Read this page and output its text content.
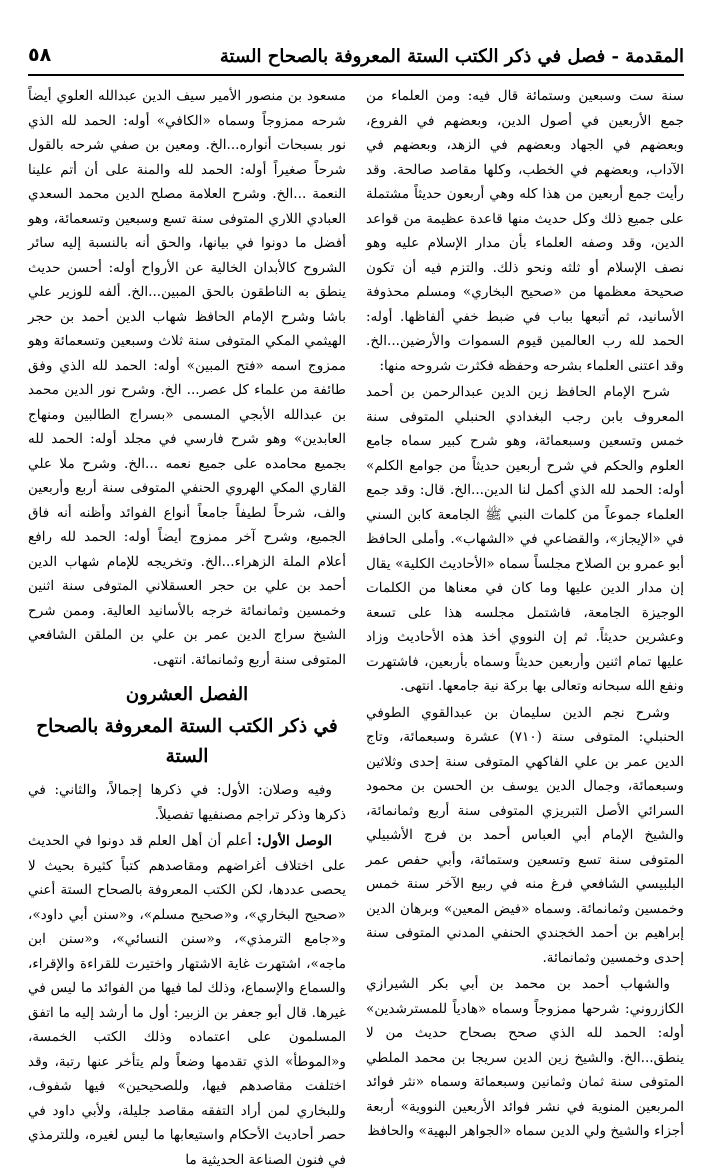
المقدمة - فصل في ذكر الكتب الستة المعروفة بالصحاح الستة
٥٨

سنة ست وسبعين وستمائة قال فيه: ومن العلماء من جمع الأربعين في أصول الدين، وبعضهم في الفروع، وبعضهم في الجهاد وبعضهم في الزهد، وبعضهم في الآداب، وبعضهم في الخطب، وكلها مقاصد صالحة. وقد رأيت جمع أربعين من هذا كله وهي أربعون حديثاً مشتملة على جميع ذلك وكل حديث منها قاعدة عظيمة من قواعد الدين، وقد وصفه العلماء بأن مدار الإسلام عليه وهو نصف الإسلام أو ثلثه ونحو ذلك. والتزم فيه أن تكون صحيحة معظمها من «صحيح البخاري» ومسلم محذوفة الأسانيد، ثم أتبعها بباب في ضبط خفي ألفاظها. أوله: الحمد لله رب العالمين قيوم السموات والأرضين...الخ. وقد اعتنى العلماء بشرحه وحفظه فكثرت شروحه منها:

شرح الإمام الحافظ زين الدين عبدالرحمن بن أحمد المعروف بابن رجب البغدادي الحنبلي المتوفى سنة خمس وتسعين وسبعمائة، وهو شرح كبير سماه جامع العلوم والحكم في شرح أربعين حديثاً من جوامع الكلم» أوله: الحمد لله الذي أكمل لنا الدين...الخ. قال: وقد جمع العلماء جموعاً من كلمات النبي ﷺ الجامعة كابن السني في «الإيجاز»، والقضاعي في «الشهاب». وأملى الحافظ أبو عمرو بن الصلاح مجلساً سماه «الأحاديث الكلية» يقال إن مدار الدين عليها وما كان في معناها من الكلمات الوجيزة الجامعة، فاشتمل مجلسه هذا على تسعة وعشرين حديثاً. ثم إن النووي أخذ هذه الأحاديث وزاد عليها تمام اثنين وأربعين حديثاً وسماه بأربعين، فاشتهرت ونفع الله سبحانه وتعالى بها بركة نية جامعها. انتهى.

وشرح نجم الدين سليمان بن عبدالقوي الطوفي الحنبلي: المتوفى سنة (٧١٠) عشرة وسبعمائة، وتاج الدين عمر بن علي الفاكهي المتوفى سنة إحدى وثلاثين وسبعمائة، وجمال الدين يوسف بن الحسن بن محمود السرائي الأصل التبريزي المتوفى سنة أربع وثمانمائة، والشيخ الإمام أبي العباس أحمد بن فرج الأشبيلي المتوفى سنة تسع وتسعين وستمائة، وأبي حفص عمر البلبيسي الشافعي فرغ منه في ربيع الآخر سنة خمس وخمسين وثمانمائة. وسماه «فيض المعين» وبرهان الدين إبراهيم بن أحمد الخجندي الحنفي المدني المتوفى سنة إحدى وخمسين وثمانمائة.

والشهاب أحمد بن محمد بن أبي بكر الشيرازي الكازروني: شرحها ممزوجاً وسماه «هادياً للمسترشدين» أوله: الحمد لله الذي صحح بصحاح حديث من لا ينطق...الخ. والشيخ زين الدين سريجا بن محمد الملطي المتوفى سنة ثمان وثمانين وسبعمائة وسماه «نثر فوائد المربعين المنوية في نشر فوائد الأربعين النووية» أربعة أجزاء والشيخ ولي الدين سماه «الجواهر البهية» والحافظ

مسعود بن منصور الأمير سيف الدين عبدالله العلوي أيضاً شرحه ممزوجاً وسماه «الكافي» أوله: الحمد لله الذي نور بسبحات أنواره...الخ. ومعين بن صفي شرحه بالقول شرحاً صغيراً أوله: الحمد لله والمنة على أن أتم علينا النعمة ...الخ. وشرح العلامة مصلح الدين محمد السعدي العبادي اللاري المتوفى سنة تسع وسبعين وتسعمائة، وهو أفضل ما دونوا في بيانها، والحق أنه بالنسبة إليه سائر الشروح كالأبدان الخالية عن الأرواح أوله: أحسن حديث ينطق به الناطقون بالحق المبين...الخ. ألفه للوزير علي باشا وشرح الإمام الحافظ شهاب الدين أحمد بن حجر الهيثمي المكي المتوفى سنة ثلاث وسبعين وتسعمائة وهو ممزوج اسمه «فتح المبين» أوله: الحمد لله الذي وفق طائفة من علماء كل عصر... الخ. وشرح نور الدين محمد بن عبدالله الأبجي المسمى «بسراج الطالبين ومنهاج العابدين» وهو شرح فارسي في مجلد أوله: الحمد لله بجميع محامده على جميع نعمه ...الخ. وشرح ملا علي القاري المكي الهروي الحنفي المتوفى سنة أربع وأربعين والف، شرحاً لطيفاً جامعاً أنواع الفوائد وأظنه أنه فاق الجميع، وشرح آخر ممزوج أيضاً أوله: الحمد لله رافع أعلام الملة الزهراء...الخ. وتخريجه للإمام شهاب الدين أحمد بن علي بن حجر العسقلاني المتوفى سنة اثنين وخمسين وثمانمائة خرجه بالأسانيد العالية. وممن شرح الشيخ سراج الدين عمر بن علي بن الملقن الشافعي المتوفى سنة أربع وثمانمائة. انتهى.

الفصل العشرون
في ذكر الكتب الستة المعروفة بالصحاح الستة

وفيه وصلان: الأول: في ذكرها إجمالاً، والثاني: في ذكرها وذكر تراجم مصنفيها تفصيلاً.

الوصل الأول: أعلم أن أهل العلم قد دونوا في الحديث على اختلاف أغراضهم ومقاصدهم كتباً كثيرة بحيث لا يحصى عددها، لكن الكتب المعروفة بالصحاح الستة أعني «صحيح البخاري»، و«صحيح مسلم»، و«سنن أبي داود»، و«جامع الترمذي»، و«سنن النسائي»، و«سنن ابن ماجه»، اشتهرت غاية الاشتهار واختيرت للقراءة والإقراء، والسماع والإسماع، وذلك لما فيها من الفوائد ما ليس في غيرها. قال أبو جعفر بن الزبير: أول ما أرشد إليه ما اتفق المسلمون على اعتماده وذلك الكتب الخمسة، و«الموطأ» الذي تقدمها وضعاً ولم يتأخر عنها رتبة، وقد اختلفت مقاصدهم فيها، وللصحيحين» فيها شفوف، وللبخاري لمن أراد التفقه مقاصد جليلة، ولأبي داود في حصر أحاديث الأحكام واستيعابها ما ليس لغيره، وللترمذي في فنون الصناعة الحديثية ما
